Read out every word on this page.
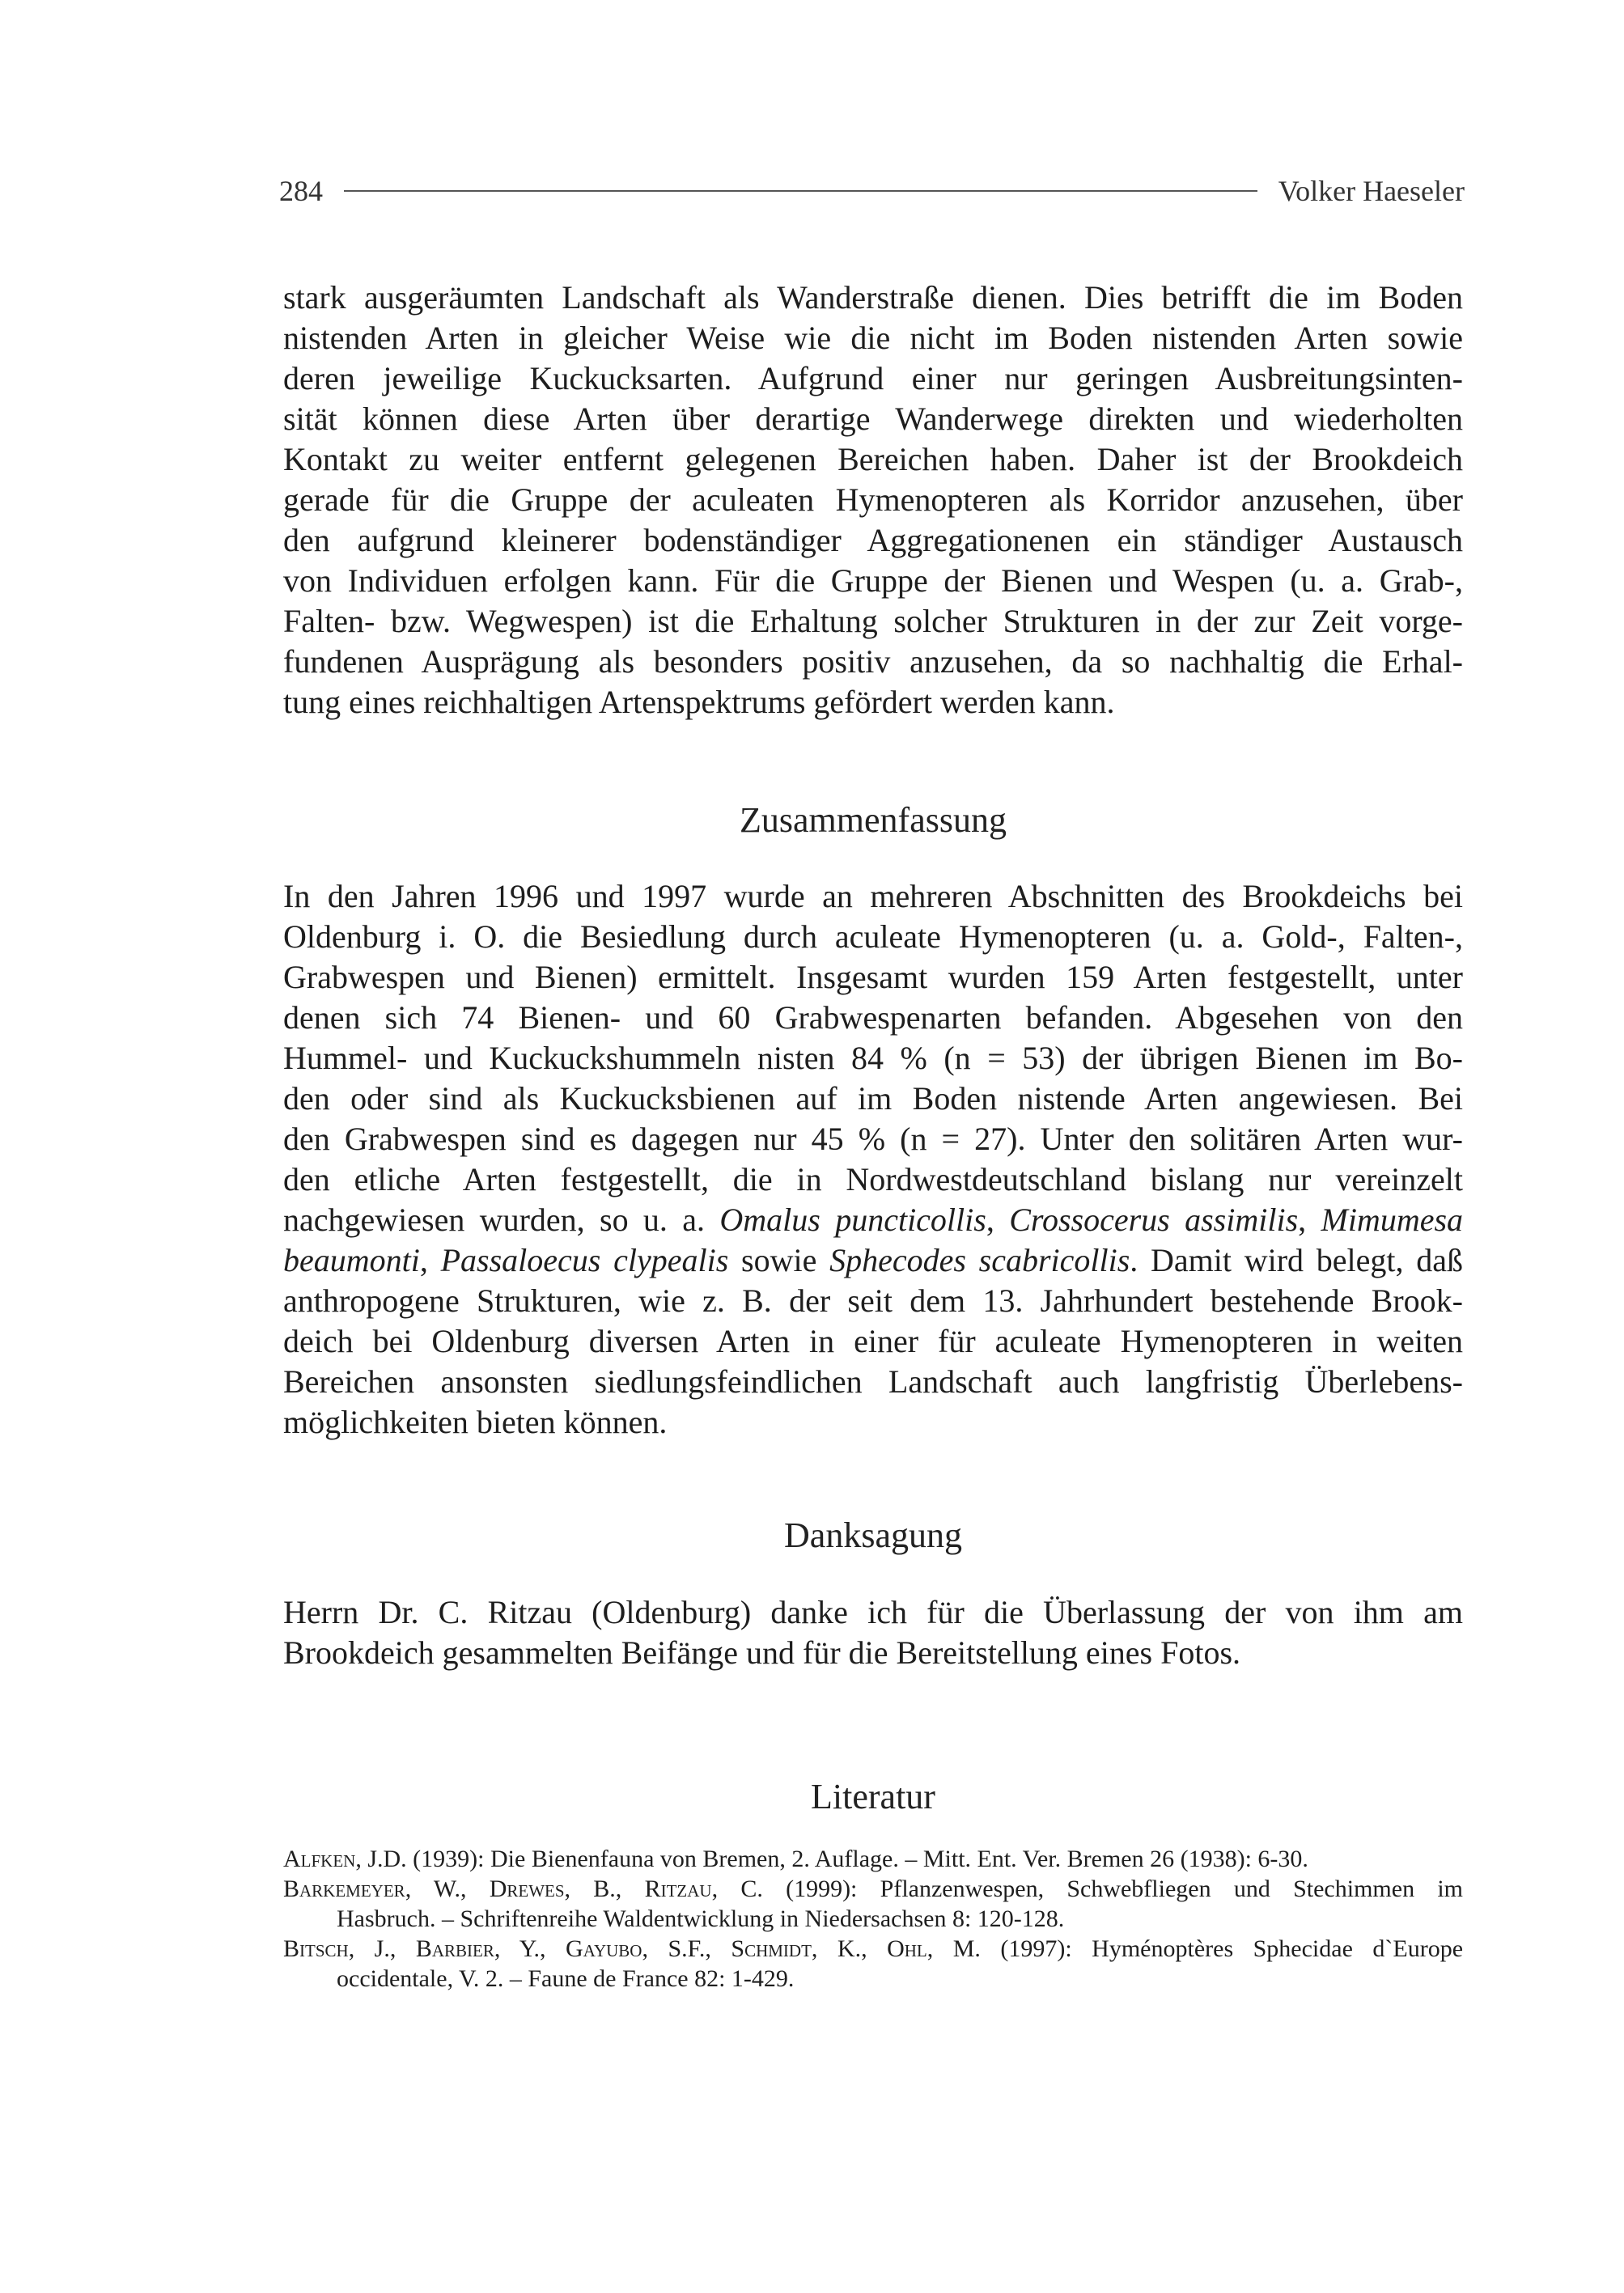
284	Volker Haeseler
stark ausgeräumten Landschaft als Wanderstraße dienen. Dies betrifft die im Boden
nistenden Arten in gleicher Weise wie die nicht im Boden nistenden Arten sowie
deren jeweilige Kuckucksarten. Aufgrund einer nur geringen Ausbreitungsinten-
sität können diese Arten über derartige Wanderwege direkten und wiederholten
Kontakt zu weiter entfernt gelegenen Bereichen haben. Daher ist der Brookdeich
gerade für die Gruppe der aculeaten Hymenopteren als Korridor anzusehen, über
den aufgrund kleinerer bodenständiger Aggregationenen ein ständiger Austausch
von Individuen erfolgen kann. Für die Gruppe der Bienen und Wespen (u. a. Grab-,
Falten- bzw. Wegwespen) ist die Erhaltung solcher Strukturen in der zur Zeit vorge-
fundenen Ausprägung als besonders positiv anzusehen, da so nachhaltig die Erhal-
tung eines reichhaltigen Artenspektrums gefördert werden kann.
Zusammenfassung
In den Jahren 1996 und 1997 wurde an mehreren Abschnitten des Brookdeichs bei
Oldenburg i. O. die Besiedlung durch aculeate Hymenopteren (u. a. Gold-, Falten-,
Grabwespen und Bienen) ermittelt. Insgesamt wurden 159 Arten festgestellt, unter
denen sich 74 Bienen- und 60 Grabwespenarten befanden. Abgesehen von den
Hummel- und Kuckuckshummeln nisten 84 % (n = 53) der übrigen Bienen im Bo-
den oder sind als Kuckucksbienen auf im Boden nistende Arten angewiesen. Bei
den Grabwespen sind es dagegen nur 45 % (n = 27). Unter den solitären Arten wur-
den etliche Arten festgestellt, die in Nordwestdeutschland bislang nur vereinzelt
nachgewiesen wurden, so u. a. Omalus puncticollis, Crossocerus assimilis, Mimumesa
beaumonti, Passaloecus clypealis sowie Sphecodes scabricollis. Damit wird belegt, daß
anthropogene Strukturen, wie z. B. der seit dem 13. Jahrhundert bestehende Brook-
deich bei Oldenburg diversen Arten in einer für aculeate Hymenopteren in weiten
Bereichen ansonsten siedlungsfeindlichen Landschaft auch langfristig Überlebens-
möglichkeiten bieten können.
Danksagung
Herrn Dr. C. Ritzau (Oldenburg) danke ich für die Überlassung der von ihm am
Brookdeich gesammelten Beifänge und für die Bereitstellung eines Fotos.
Literatur
Alfken, J.D. (1939): Die Bienenfauna von Bremen, 2. Auflage. – Mitt. Ent. Ver. Bremen 26 (1938): 6-30.
Barkemeyer, W., Drewes, B., Ritzau, C. (1999): Pflanzenwespen, Schwebfliegen und Stechimmen im
Hasbruch. – Schriftenreihe Waldentwicklung in Niedersachsen 8: 120-128.
Bitsch, J., Barbier, Y., Gayubo, S.F., Schmidt, K., Ohl, M. (1997): Hyménoptères Sphecidae d`Europe
occidentale, V. 2. – Faune de France 82: 1-429.
